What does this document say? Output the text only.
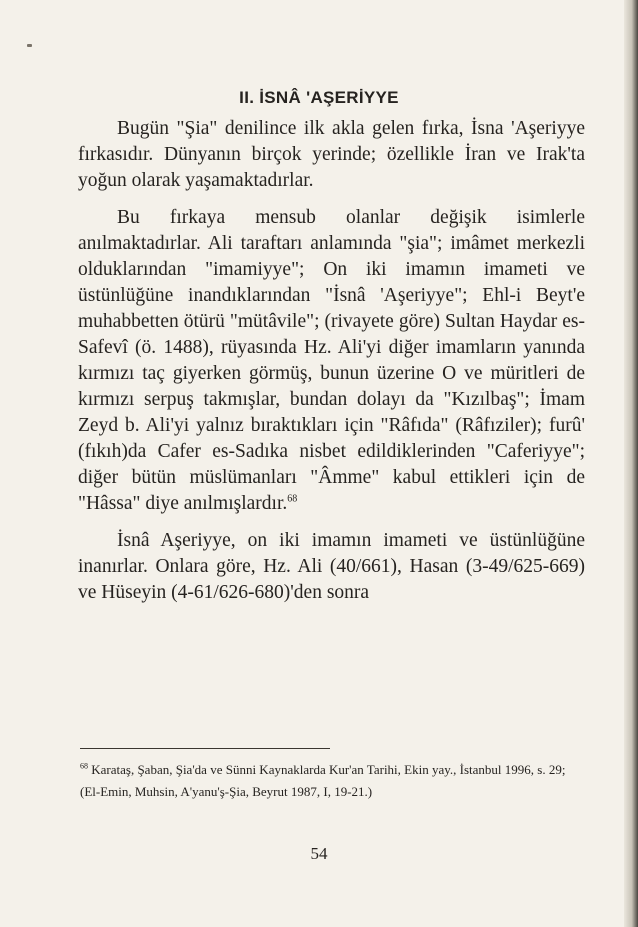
II. İSNÂ 'AŞERİYYE

Bugün "Şia" denilince ilk akla gelen fırka, İsna 'Aşeriyye fırkasıdır. Dünyanın birçok yerinde; özellikle İran ve Irak'ta yoğun olarak yaşamaktadırlar.

Bu fırkaya mensub olanlar değişik isimlerle anılmaktadırlar. Ali taraftarı anlamında "şia"; imâmet merkezli olduklarından "imamiyye"; On iki imamın imameti ve üstünlüğüne inandıklarından "İsnâ 'Aşeriyye"; Ehl-i Beyt'e muhabbetten ötürü "mütâvile"; (rivayete göre) Sultan Haydar es-Safevî (ö. 1488), rüyasında Hz. Ali'yi diğer imamların yanında kırmızı taç giyerken görmüş, bunun üzerine O ve müritleri de kırmızı serpuş takmışlar, bundan dolayı da "Kızılbaş"; İmam Zeyd b. Ali'yi yalnız bıraktıkları için "Râfıda" (Râfıziler); furû' (fıkıh)da Cafer es-Sadıka nisbet edildiklerinden "Caferiyye"; diğer bütün müslümanları "Âmme" kabul ettikleri için de "Hâssa" diye anılmışlardır.$^{68}$

İsnâ Aşeriyye, on iki imamın imameti ve üstünlüğüne inanırlar. Onlara göre, Hz. Ali (40/661), Hasan (3-49/625-669) ve Hüseyin (4-61/626-680)'den sonra

$^{68}$ Karataş, Şaban, Şia'da ve Sünni Kaynaklarda Kur'an Tarihi, Ekin yay., İstanbul 1996, s. 29; (El-Emin, Muhsin, A'yanu'ş-Şia, Beyrut 1987, I, 19-21.)
54
